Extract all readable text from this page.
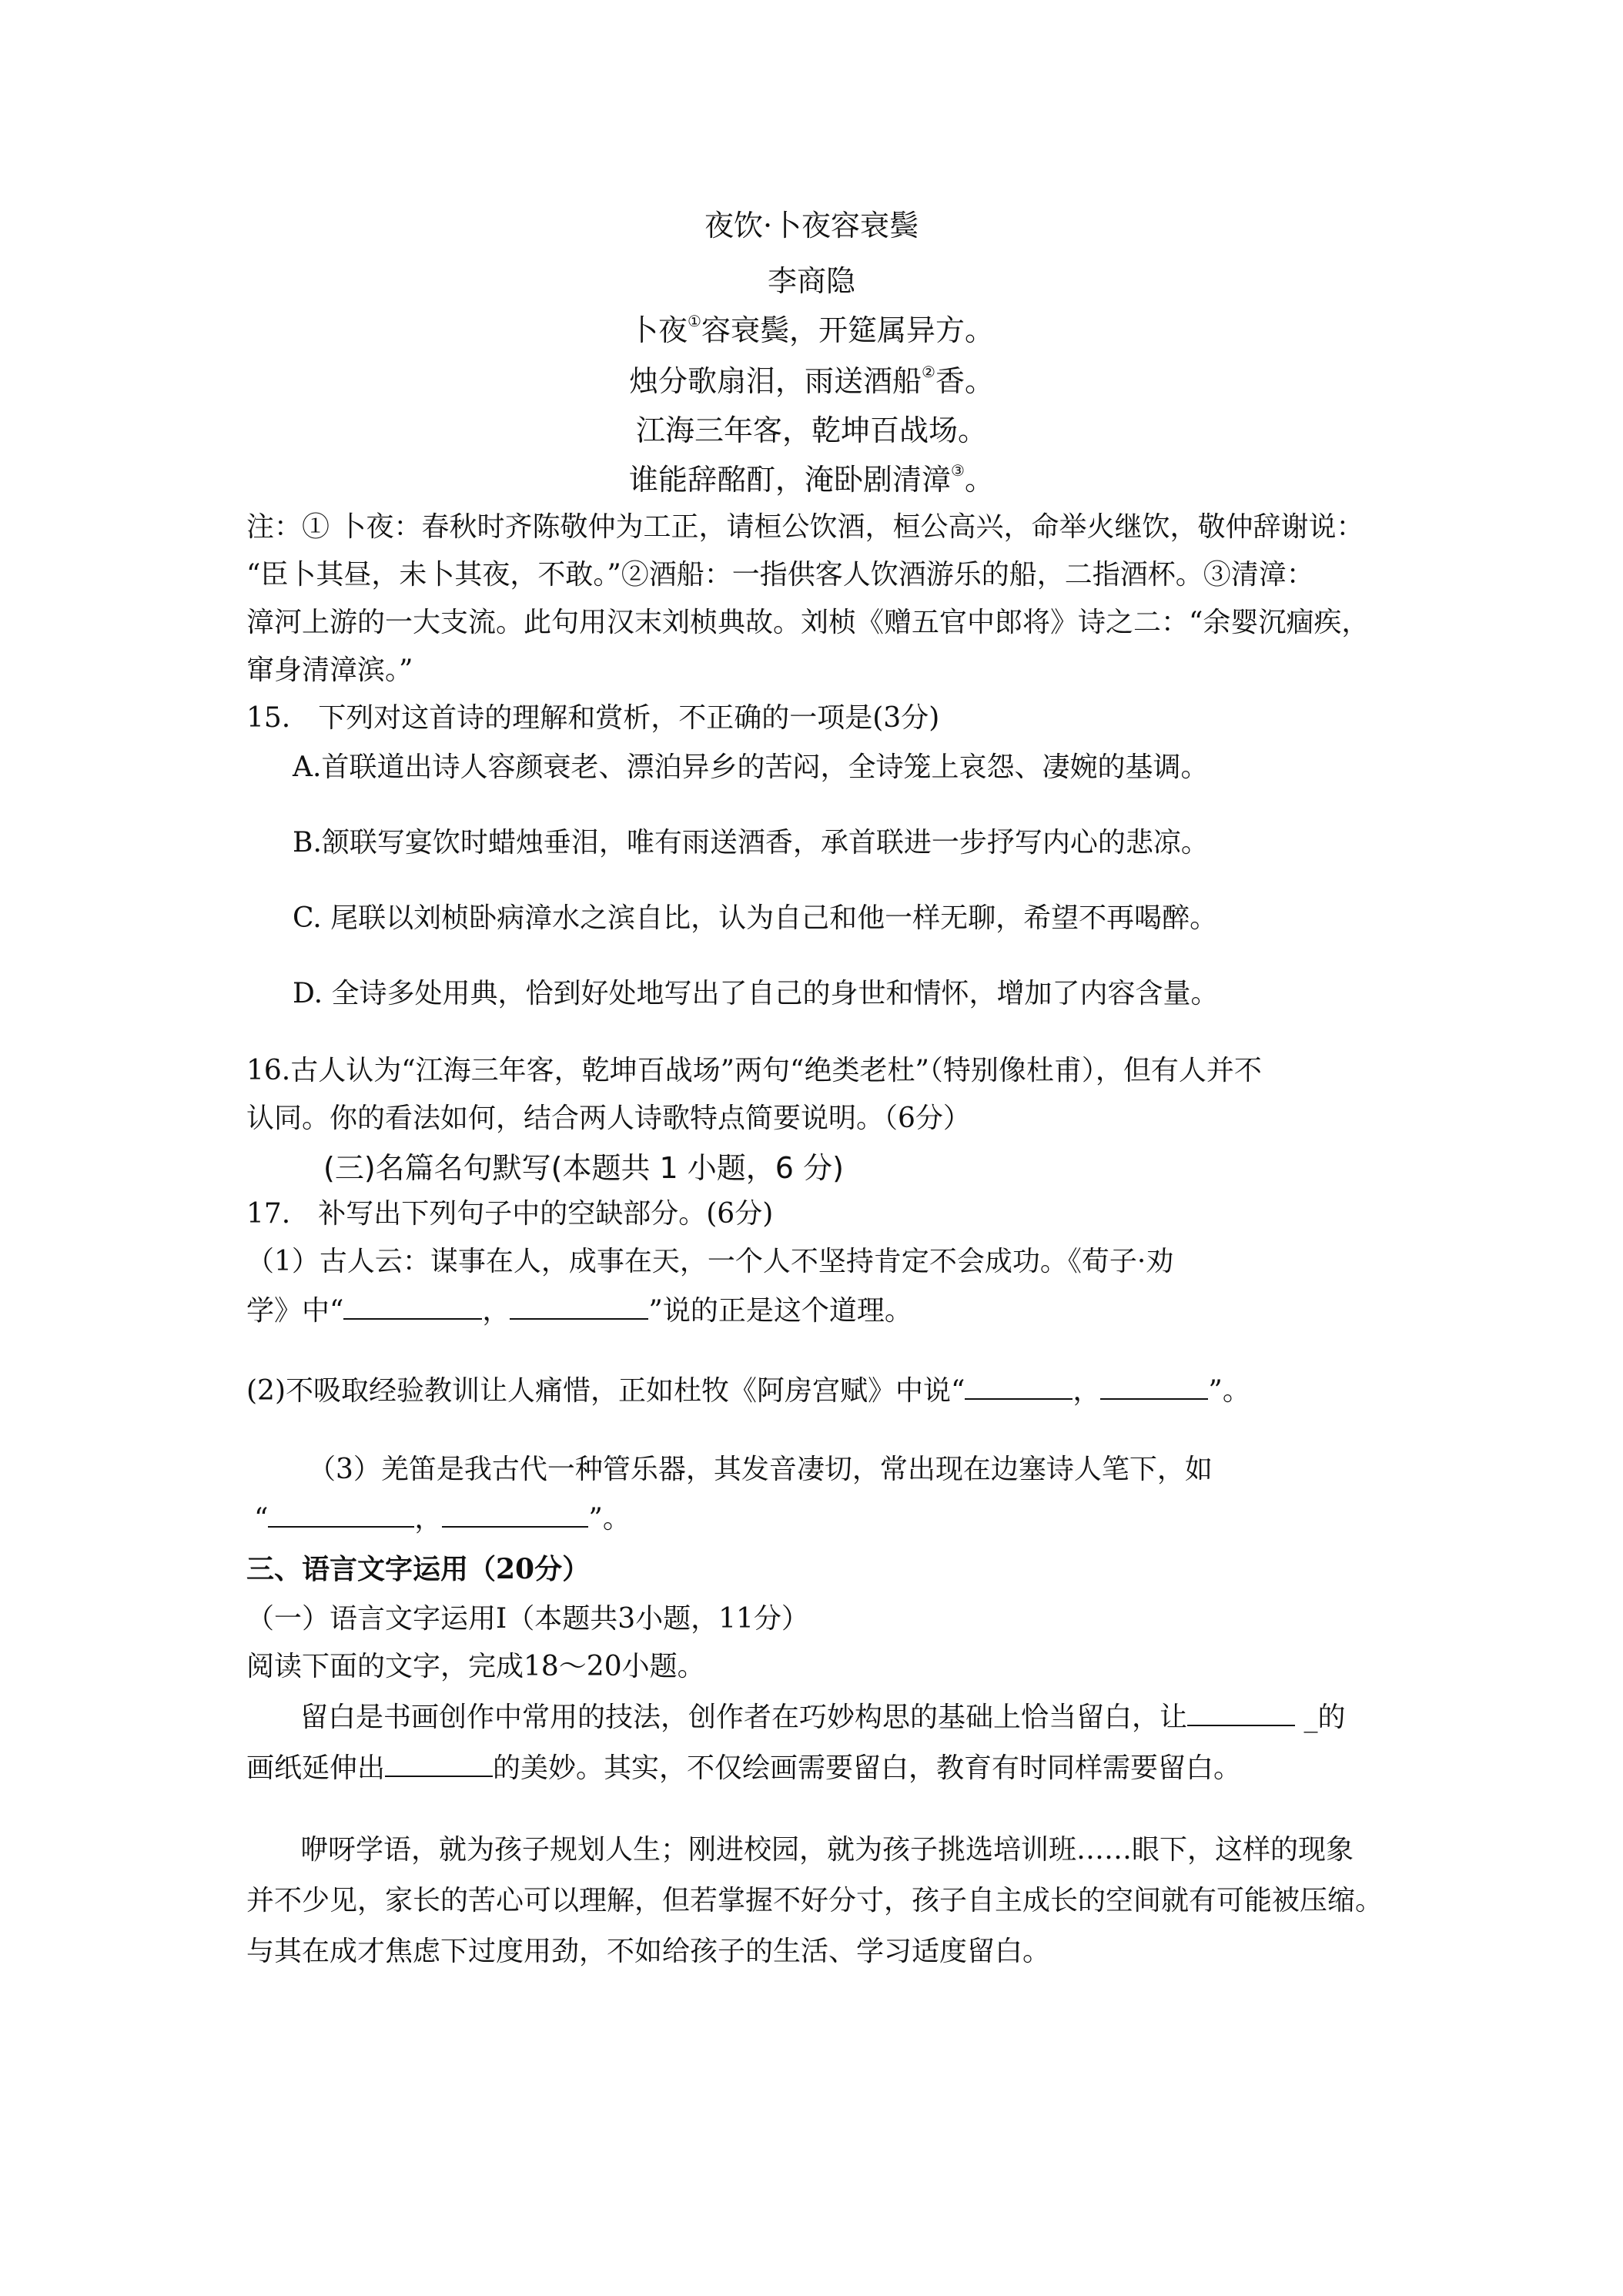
夜饮·卜夜容衰鬓
李商隐
卜夜①容衰鬓，开筵属异方。
烛分歌扇泪，雨送酒船②香。
江海三年客，乾坤百战场。
谁能辞酩酊，淹卧剧清漳③。
注：① 卜夜：春秋时齐陈敬仲为工正，请桓公饮酒，桓公高兴，命举火继饮，敬仲辞谢说：
“臣卜其昼，未卜其夜，不敢。”②酒船：一指供客人饮酒游乐的船，二指酒杯。③清漳：
漳河上游的一大支流。此句用汉末刘桢典故。刘桢《赠五官中郎将》诗之二：“余婴沉痼疾，
窜身清漳滨。”
15.　下列对这首诗的理解和赏析，不正确的一项是(3分)
A.首联道出诗人容颜衰老、漂泊异乡的苦闷，全诗笼上哀怨、凄婉的基调。
B.颔联写宴饮时蜡烛垂泪，唯有雨送酒香，承首联进一步抒写内心的悲凉。
C. 尾联以刘桢卧病漳水之滨自比，认为自己和他一样无聊，希望不再喝醉。
D. 全诗多处用典，恰到好处地写出了自己的身世和情怀，增加了内容含量。
16.古人认为“江海三年客，乾坤百战场”两句“绝类老杜”（特别像杜甫），但有人并不
认同。你的看法如何，结合两人诗歌特点简要说明。（6分）
(三)名篇名句默写(本题共 1 小题，6 分)
17.　补写出下列句子中的空缺部分。(6分)
（1）古人云：谋事在人，成事在天，一个人不坚持肯定不会成功。《荀子·劝
学》中“	，	”说的正是这个道理。
(2)不吸取经验教训让人痛惜，正如杜牧《阿房宫赋》中说“	，	”。
（3）羌笛是我古代一种管乐器，其发音凄切，常出现在边塞诗人笔下，如
“	，	”。
三、语言文字运用（20分）
（一）语言文字运用Ⅰ（本题共3小题，11分）
阅读下面的文字，完成18～20小题。
留白是书画创作中常用的技法，创作者在巧妙构思的基础上恰当留白，让	_的
画纸延伸出	的美妙。其实，不仅绘画需要留白，教育有时同样需要留白。
咿呀学语，就为孩子规划人生；刚进校园，就为孩子挑选培训班……眼下，这样的现象
并不少见，家长的苦心可以理解，但若掌握不好分寸，孩子自主成长的空间就有可能被压缩。
与其在成才焦虑下过度用劲，不如给孩子的生活、学习适度留白。
